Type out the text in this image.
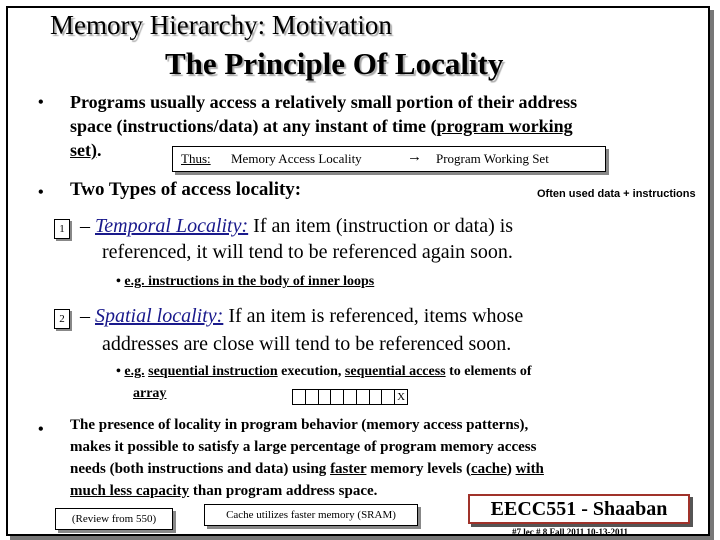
Memory Hierarchy: Motivation
The Principle Of Locality
• Programs usually access a relatively small portion of their address
space (instructions/data) at any instant of time (program working
set).	Thus: Memory Access Locality	→ Program Working Set
• Two Types of access locality:	Often used data + instructions
1 – Temporal Locality: If an item (instruction or data) is
referenced, it will tend to be referenced again soon.
• e.g. instructions in the body of inner loops
2 – Spatial locality: If an item is referenced, items whose
addresses are close will tend to be referenced soon.
• e.g. sequential instruction execution, sequential access to elements of
array	X
• The presence of locality in program behavior (memory access patterns),
makes it possible to satisfy a large percentage of program memory access
needs (both instructions and data) using faster memory levels (cache) with
much less capacity than program address space.
(Review from 550)	Cache utilizes faster memory (SRAM)	EECC551 - Shaaban
#7 lec # 8 Fall 2011 10-13-2011
